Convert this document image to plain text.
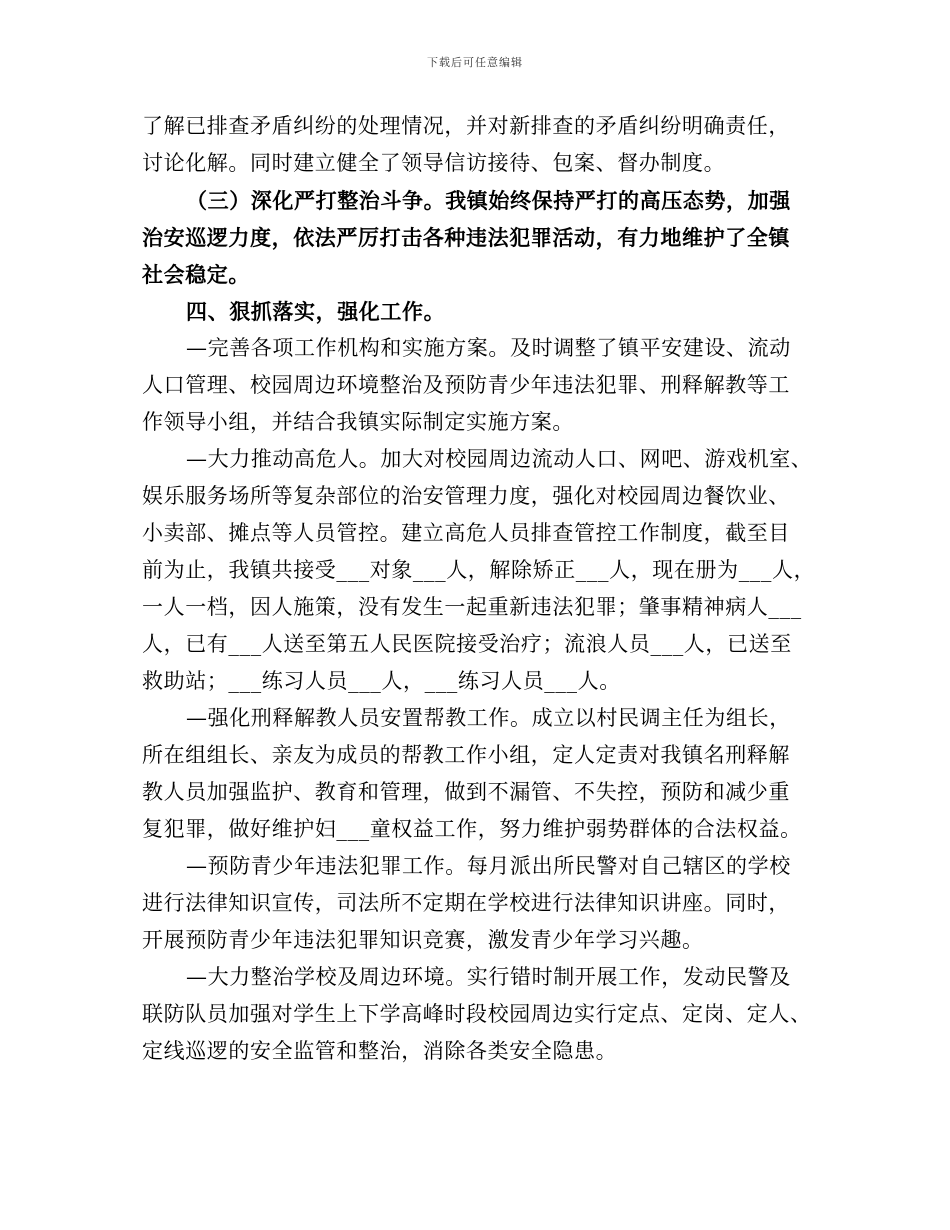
下载后可任意编辑
了解已排查矛盾纠纷的处理情况，并对新排查的矛盾纠纷明确责任，
讨论化解。同时建立健全了领导信访接待、包案、督办制度。
（三）深化严打整治斗争。我镇始终保持严打的高压态势，加强
治安巡逻力度，依法严厉打击各种违法犯罪活动，有力地维护了全镇
社会稳定。
四、狠抓落实，强化工作。
—完善各项工作机构和实施方案。及时调整了镇平安建设、流动
人口管理、校园周边环境整治及预防青少年违法犯罪、刑释解教等工
作领导小组，并结合我镇实际制定实施方案。
—大力推动高危人。加大对校园周边流动人口、网吧、游戏机室、
娱乐服务场所等复杂部位的治安管理力度，强化对校园周边餐饮业、
小卖部、摊点等人员管控。建立高危人员排查管控工作制度，截至目
前为止，我镇共接受___对象___人，解除矫正___人，现在册为___人，
一人一档，因人施策，没有发生一起重新违法犯罪；肇事精神病人___
人，已有___人送至第五人民医院接受治疗；流浪人员___人，已送至
救助站；___练习人员___人，___练习人员___人。
—强化刑释解教人员安置帮教工作。成立以村民调主任为组长，
所在组组长、亲友为成员的帮教工作小组，定人定责对我镇名刑释解
教人员加强监护、教育和管理，做到不漏管、不失控，预防和减少重
复犯罪，做好维护妇___童权益工作，努力维护弱势群体的合法权益。
—预防青少年违法犯罪工作。每月派出所民警对自己辖区的学校
进行法律知识宣传，司法所不定期在学校进行法律知识讲座。同时，
开展预防青少年违法犯罪知识竞赛，激发青少年学习兴趣。
—大力整治学校及周边环境。实行错时制开展工作，发动民警及
联防队员加强对学生上下学高峰时段校园周边实行定点、定岗、定人、
定线巡逻的安全监管和整治，消除各类安全隐患。
